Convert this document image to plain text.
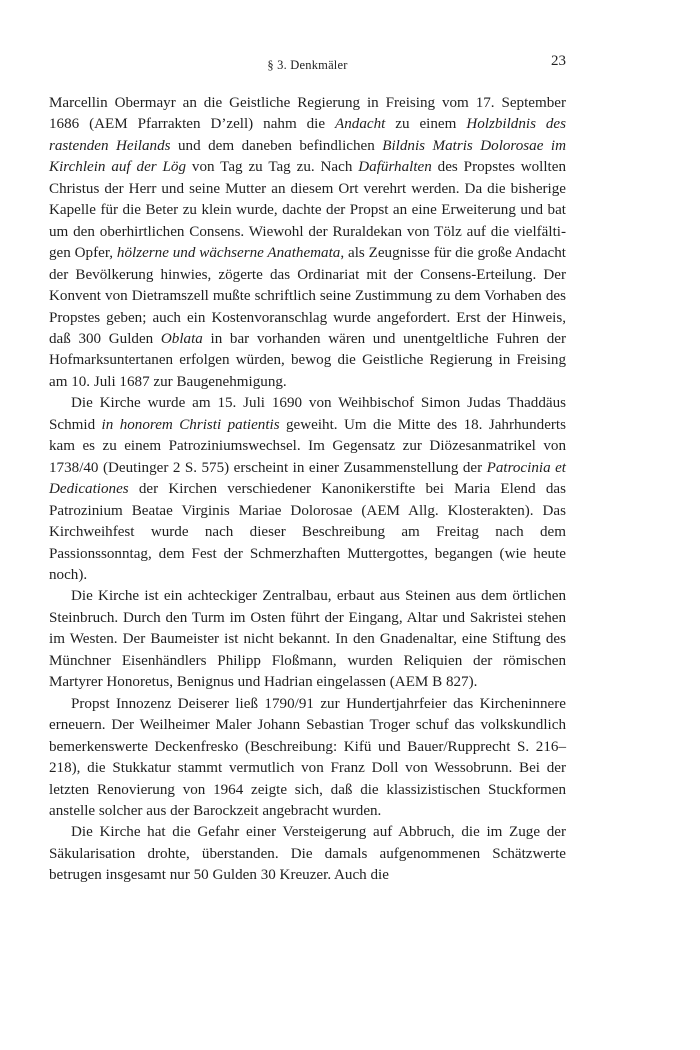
§ 3. Denkmäler	23

Marcellin Obermayr an die Geistliche Regierung in Freising vom 17. September 1686 (AEM Pfarrakten D’zell) nahm die Andacht zu einem Holzbildnis des rastenden Heilands und dem daneben befindlichen Bildnis Matris Dolorosae im Kirchlein auf der Lög von Tag zu Tag zu. Nach Dafürhalten des Propstes wollten Christus der Herr und seine Mutter an diesem Ort verehrt werden. Da die bisherige Kapelle für die Beter zu klein wurde, dachte der Propst an eine Erweiterung und bat um den oberhirtlichen Consens. Wiewohl der Ruraldekan von Tölz auf die vielfältigen Opfer, hölzerne und wächserne Anathemata, als Zeugnisse für die große Andacht der Bevölkerung hinwies, zögerte das Ordinariat mit der Consens-Erteilung. Der Konvent von Dietramszell mußte schriftlich seine Zustimmung zu dem Vorhaben des Propstes geben; auch ein Kostenvoranschlag wurde angefordert. Erst der Hinweis, daß 300 Gulden Oblata in bar vorhanden wären und unentgeltliche Fuhren der Hofmarksuntertanen erfolgen würden, bewog die Geistliche Regierung in Freising am 10. Juli 1687 zur Baugenehmigung.

Die Kirche wurde am 15. Juli 1690 von Weihbischof Simon Judas Thaddäus Schmid in honorem Christi patientis geweiht. Um die Mitte des 18. Jahrhunderts kam es zu einem Patroziniumswechsel. Im Gegensatz zur Diözesanmatrikel von 1738/40 (Deutinger 2 S. 575) erscheint in einer Zusammenstellung der Patrocinia et Dedicationes der Kirchen verschiedener Kanonikerstifte bei Maria Elend das Patrozinium Beatae Virginis Mariae Dolorosae (AEM Allg. Klosterakten). Das Kirchweihfest wurde nach dieser Beschreibung am Freitag nach dem Passionssonntag, dem Fest der Schmerzhaften Muttergottes, begangen (wie heute noch).

Die Kirche ist ein achteckiger Zentralbau, erbaut aus Steinen aus dem örtlichen Steinbruch. Durch den Turm im Osten führt der Eingang, Altar und Sakristei stehen im Westen. Der Baumeister ist nicht bekannt. In den Gnadenaltar, eine Stiftung des Münchner Eisenhändlers Philipp Floßmann, wurden Reliquien der römischen Martyrer Honoretus, Benignus und Hadrian eingelassen (AEM B 827).

Propst Innozenz Deiserer ließ 1790/91 zur Hundertjahrfeier das Kircheninnere erneuern. Der Weilheimer Maler Johann Sebastian Troger schuf das volkskundlich bemerkenswerte Deckenfresko (Beschreibung: Kifü und Bauer/Rupprecht S. 216–218), die Stukkatur stammt vermutlich von Franz Doll von Wessobrunn. Bei der letzten Renovierung von 1964 zeigte sich, daß die klassizistischen Stuckformen anstelle solcher aus der Barockzeit angebracht wurden.

Die Kirche hat die Gefahr einer Versteigerung auf Abbruch, die im Zuge der Säkularisation drohte, überstanden. Die damals aufgenommenen Schätzwerte betrugen insgesamt nur 50 Gulden 30 Kreuzer. Auch die
